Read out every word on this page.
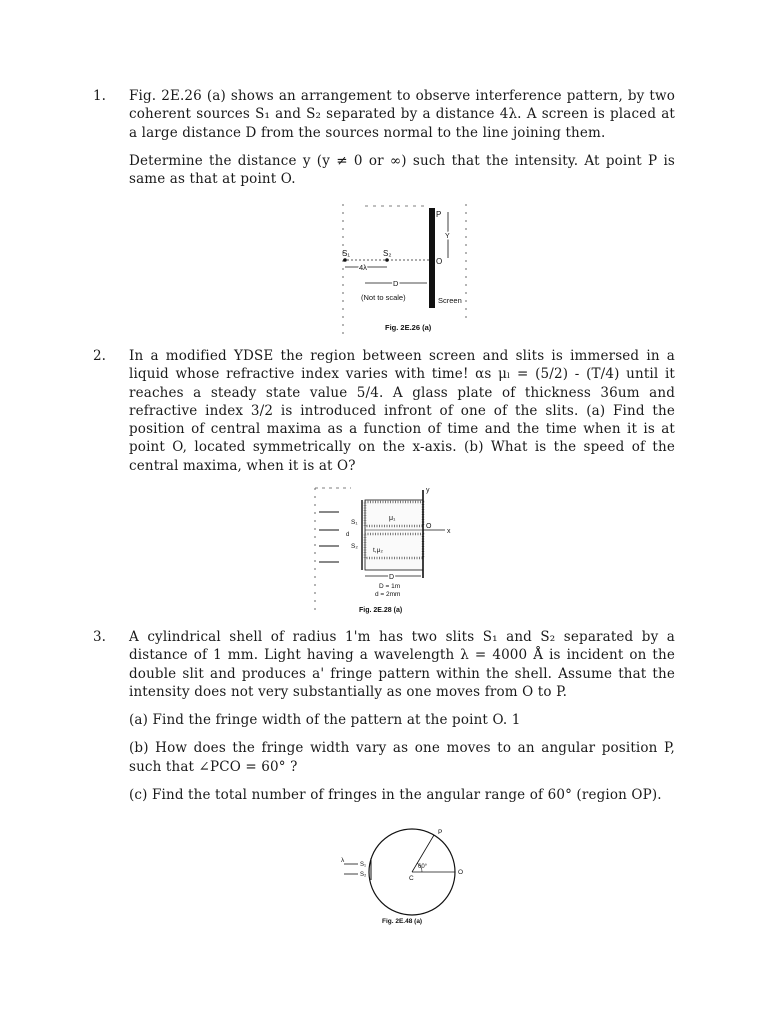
1. Fig. 2E.26 (a) shows an arrangement to observe interference pattern, by two coherent sources S₁ and S₂ separated by a distance 4λ. A screen is placed at a large distance D from the sources normal to the line joining them.

Determine the distance y (y ≠ 0 or ∞) such that the intensity. At point P is same as that at point O.

S₁	S₂
4λ
D
(Not to scale)	Screen
P
Y
O
Fig. 2E.26 (a)
2. In a modified YDSE the region between screen and slits is immersed in a liquid whose refractive index varies with time! αs μₗ = (5/2) - (T/4) until it reaches a steady state value 5/4. A glass plate of thickness 36um and refractive index 3/2 is introduced infront of one of the slits. (a) Find the position of central maxima as a function of time and the time when it is at point O, located symmetrically on the x-axis. (b) What is the speed of the central maxima, when it is at O?

x
y
O
S₁
S₂
d
μ₁
t,μ₂
D
D = 1m
d = 2mm
Fig. 2E.28 (a)
3. A cylindrical shell of radius 1'm has two slits S₁ and S₂ separated by a distance of 1 mm. Light having a wavelength λ = 4000 Å is incident on the double slit and produces a' fringe pattern within the shell. Assume that the intensity does not very substantially as one moves from O to P.

(a) Find the fringe width of the pattern at the point O. 1

(b) How does the fringe width vary as one moves to an angular position P, such that ∠PCO = 60° ?

(c) Find the total number of fringes in the angular range of 60° (region OP).

60°
C
P
O
λ
S₁
S₂
Fig. 2E.48 (a)
